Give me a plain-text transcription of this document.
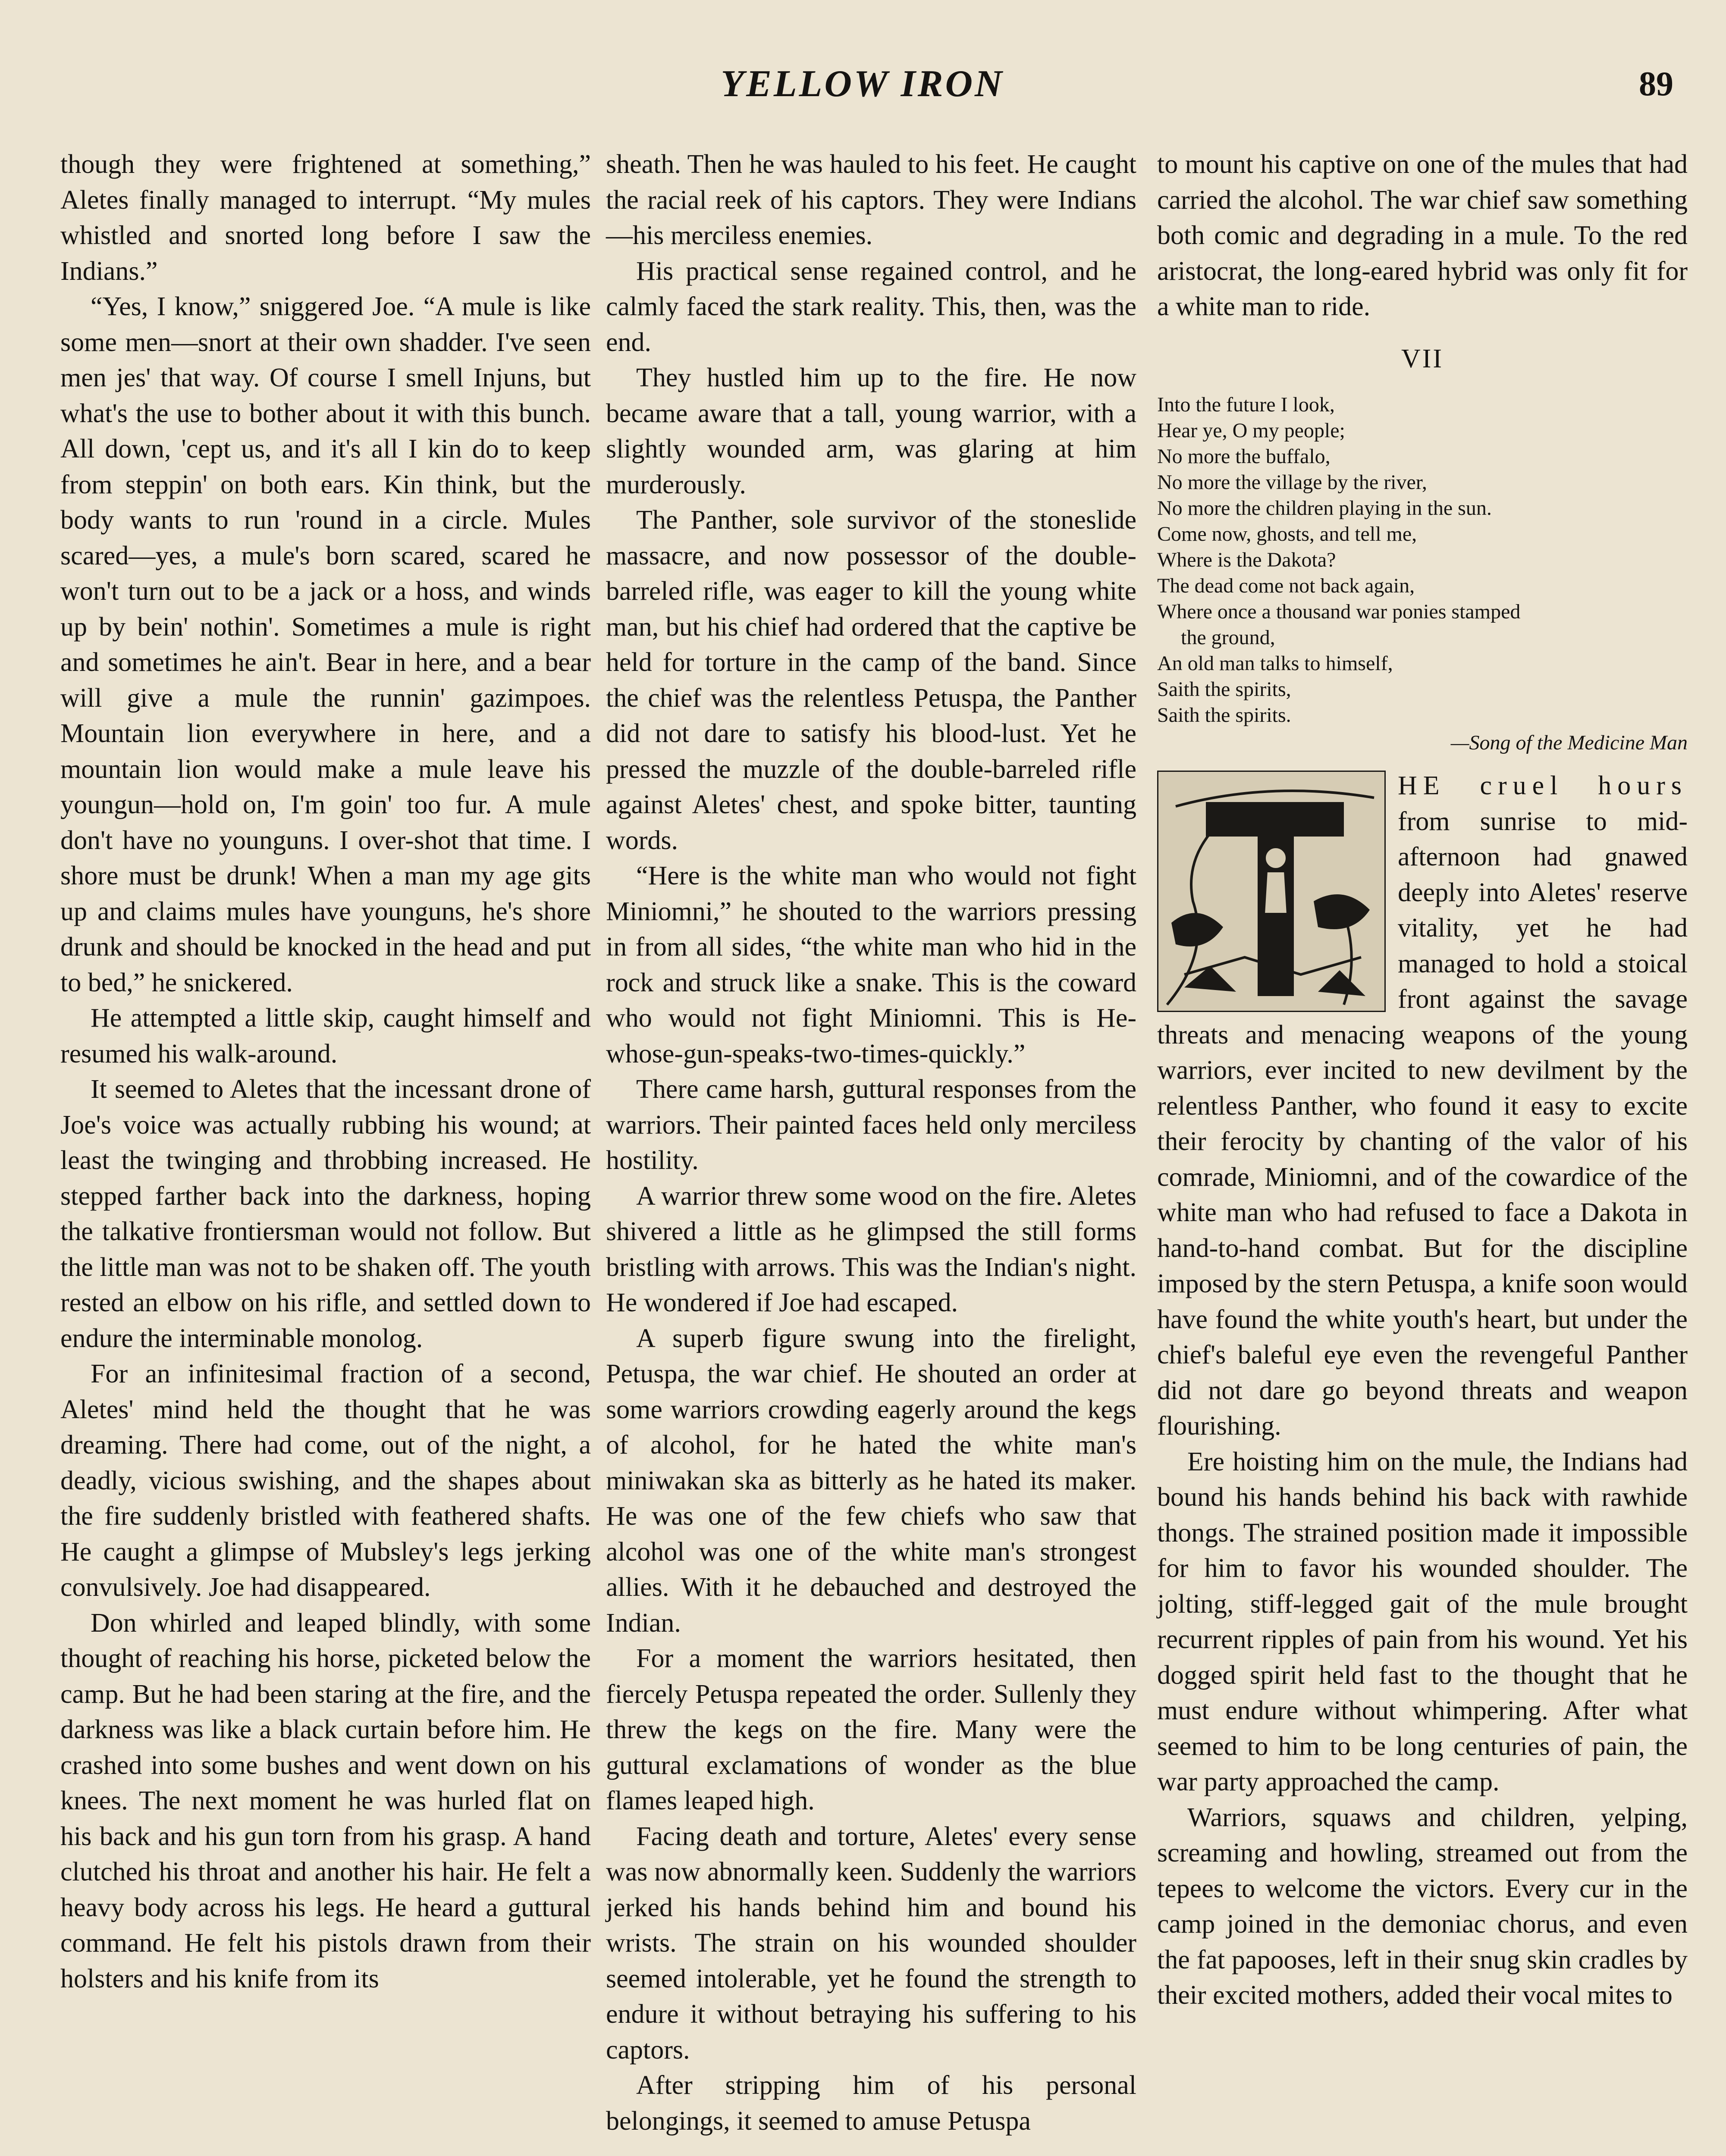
YELLOW IRON	89

though they were frightened at something,” Aletes finally managed to interrupt. “My mules whistled and snorted long before I saw the Indians.”

“Yes, I know,” sniggered Joe. “A mule is like some men—snort at their own shadder. I've seen men jes' that way. Of course I smell Injuns, but what's the use to bother about it with this bunch. All down, 'cept us, and it's all I kin do to keep from steppin' on both ears. Kin think, but the body wants to run 'round in a circle. Mules scared—yes, a mule's born scared, scared he won't turn out to be a jack or a hoss, and winds up by bein' nothin'. Sometimes a mule is right and sometimes he ain't. Bear in here, and a bear will give a mule the runnin' gazimpoes. Mountain lion everywhere in here, and a mountain lion would make a mule leave his youngun—hold on, I'm goin' too fur. A mule don't have no younguns. I over-shot that time. I shore must be drunk! When a man my age gits up and claims mules have younguns, he's shore drunk and should be knocked in the head and put to bed,” he snickered.

He attempted a little skip, caught himself and resumed his walk-around.

It seemed to Aletes that the incessant drone of Joe's voice was actually rubbing his wound; at least the twinging and throbbing increased. He stepped farther back into the darkness, hoping the talkative frontiersman would not follow. But the little man was not to be shaken off. The youth rested an elbow on his rifle, and settled down to endure the interminable monolog.

For an infinitesimal fraction of a second, Aletes' mind held the thought that he was dreaming. There had come, out of the night, a deadly, vicious swishing, and the shapes about the fire suddenly bristled with feathered shafts. He caught a glimpse of Mubsley's legs jerking convulsively. Joe had disappeared.

Don whirled and leaped blindly, with some thought of reaching his horse, picketed below the camp. But he had been staring at the fire, and the darkness was like a black curtain before him. He crashed into some bushes and went down on his knees. The next moment he was hurled flat on his back and his gun torn from his grasp. A hand clutched his throat and another his hair. He felt a heavy body across his legs. He heard a guttural command. He felt his pistols drawn from their holsters and his knife from its

sheath. Then he was hauled to his feet. He caught the racial reek of his captors. They were Indians—his merciless enemies.

His practical sense regained control, and he calmly faced the stark reality. This, then, was the end.

They hustled him up to the fire. He now became aware that a tall, young warrior, with a slightly wounded arm, was glaring at him murderously.

The Panther, sole survivor of the stoneslide massacre, and now possessor of the double-barreled rifle, was eager to kill the young white man, but his chief had ordered that the captive be held for torture in the camp of the band. Since the chief was the relentless Petuspa, the Panther did not dare to satisfy his blood-lust. Yet he pressed the muzzle of the double-barreled rifle against Aletes' chest, and spoke bitter, taunting words.

“Here is the white man who would not fight Miniomni,” he shouted to the warriors pressing in from all sides, “the white man who hid in the rock and struck like a snake. This is the coward who would not fight Miniomni. This is He-whose-gun-speaks-two-times-quickly.”

There came harsh, guttural responses from the warriors. Their painted faces held only merciless hostility.

A warrior threw some wood on the fire. Aletes shivered a little as he glimpsed the still forms bristling with arrows. This was the Indian's night. He wondered if Joe had escaped.

A superb figure swung into the firelight, Petuspa, the war chief. He shouted an order at some warriors crowding eagerly around the kegs of alcohol, for he hated the white man's miniwakan ska as bitterly as he hated its maker. He was one of the few chiefs who saw that alcohol was one of the white man's strongest allies. With it he debauched and destroyed the Indian.

For a moment the warriors hesitated, then fiercely Petuspa repeated the order. Sullenly they threw the kegs on the fire. Many were the guttural exclamations of wonder as the blue flames leaped high.

Facing death and torture, Aletes' every sense was now abnormally keen. Suddenly the warriors jerked his hands behind him and bound his wrists. The strain on his wounded shoulder seemed intolerable, yet he found the strength to endure it without betraying his suffering to his captors.

After stripping him of his personal belongings, it seemed to amuse Petuspa

to mount his captive on one of the mules that had carried the alcohol. The war chief saw something both comic and degrading in a mule. To the red aristocrat, the long-eared hybrid was only fit for a white man to ride.

VII
Into the future I look,
Hear ye, O my people;
No more the buffalo,
No more the village by the river,
No more the children playing in the sun.
Come now, ghosts, and tell me,
Where is the Dakota?
The dead come not back again,
Where once a thousand war ponies stamped
the ground,
An old man talks to himself,
Saith the spirits,
Saith the spirits.
—Song of the Medicine Man

HE cruel hours from sunrise to mid-afternoon had gnawed deeply into Aletes' reserve vitality, yet he had managed to hold a stoical front against the savage threats and menacing weapons of the young warriors, ever incited to new devilment by the relentless Panther, who found it easy to excite their ferocity by chanting of the valor of his comrade, Miniomni, and of the cowardice of the white man who had refused to face a Dakota in hand-to-hand combat. But for the discipline imposed by the stern Petuspa, a knife soon would have found the white youth's heart, but under the chief's baleful eye even the revengeful Panther did not dare go beyond threats and weapon flourishing.

Ere hoisting him on the mule, the Indians had bound his hands behind his back with rawhide thongs. The strained position made it impossible for him to favor his wounded shoulder. The jolting, stiff-legged gait of the mule brought recurrent ripples of pain from his wound. Yet his dogged spirit held fast to the thought that he must endure without whimpering. After what seemed to him to be long centuries of pain, the war party approached the camp.

Warriors, squaws and children, yelping, screaming and howling, streamed out from the tepees to welcome the victors. Every cur in the camp joined in the demoniac chorus, and even the fat papooses, left in their snug skin cradles by their excited mothers, added their vocal mites to
